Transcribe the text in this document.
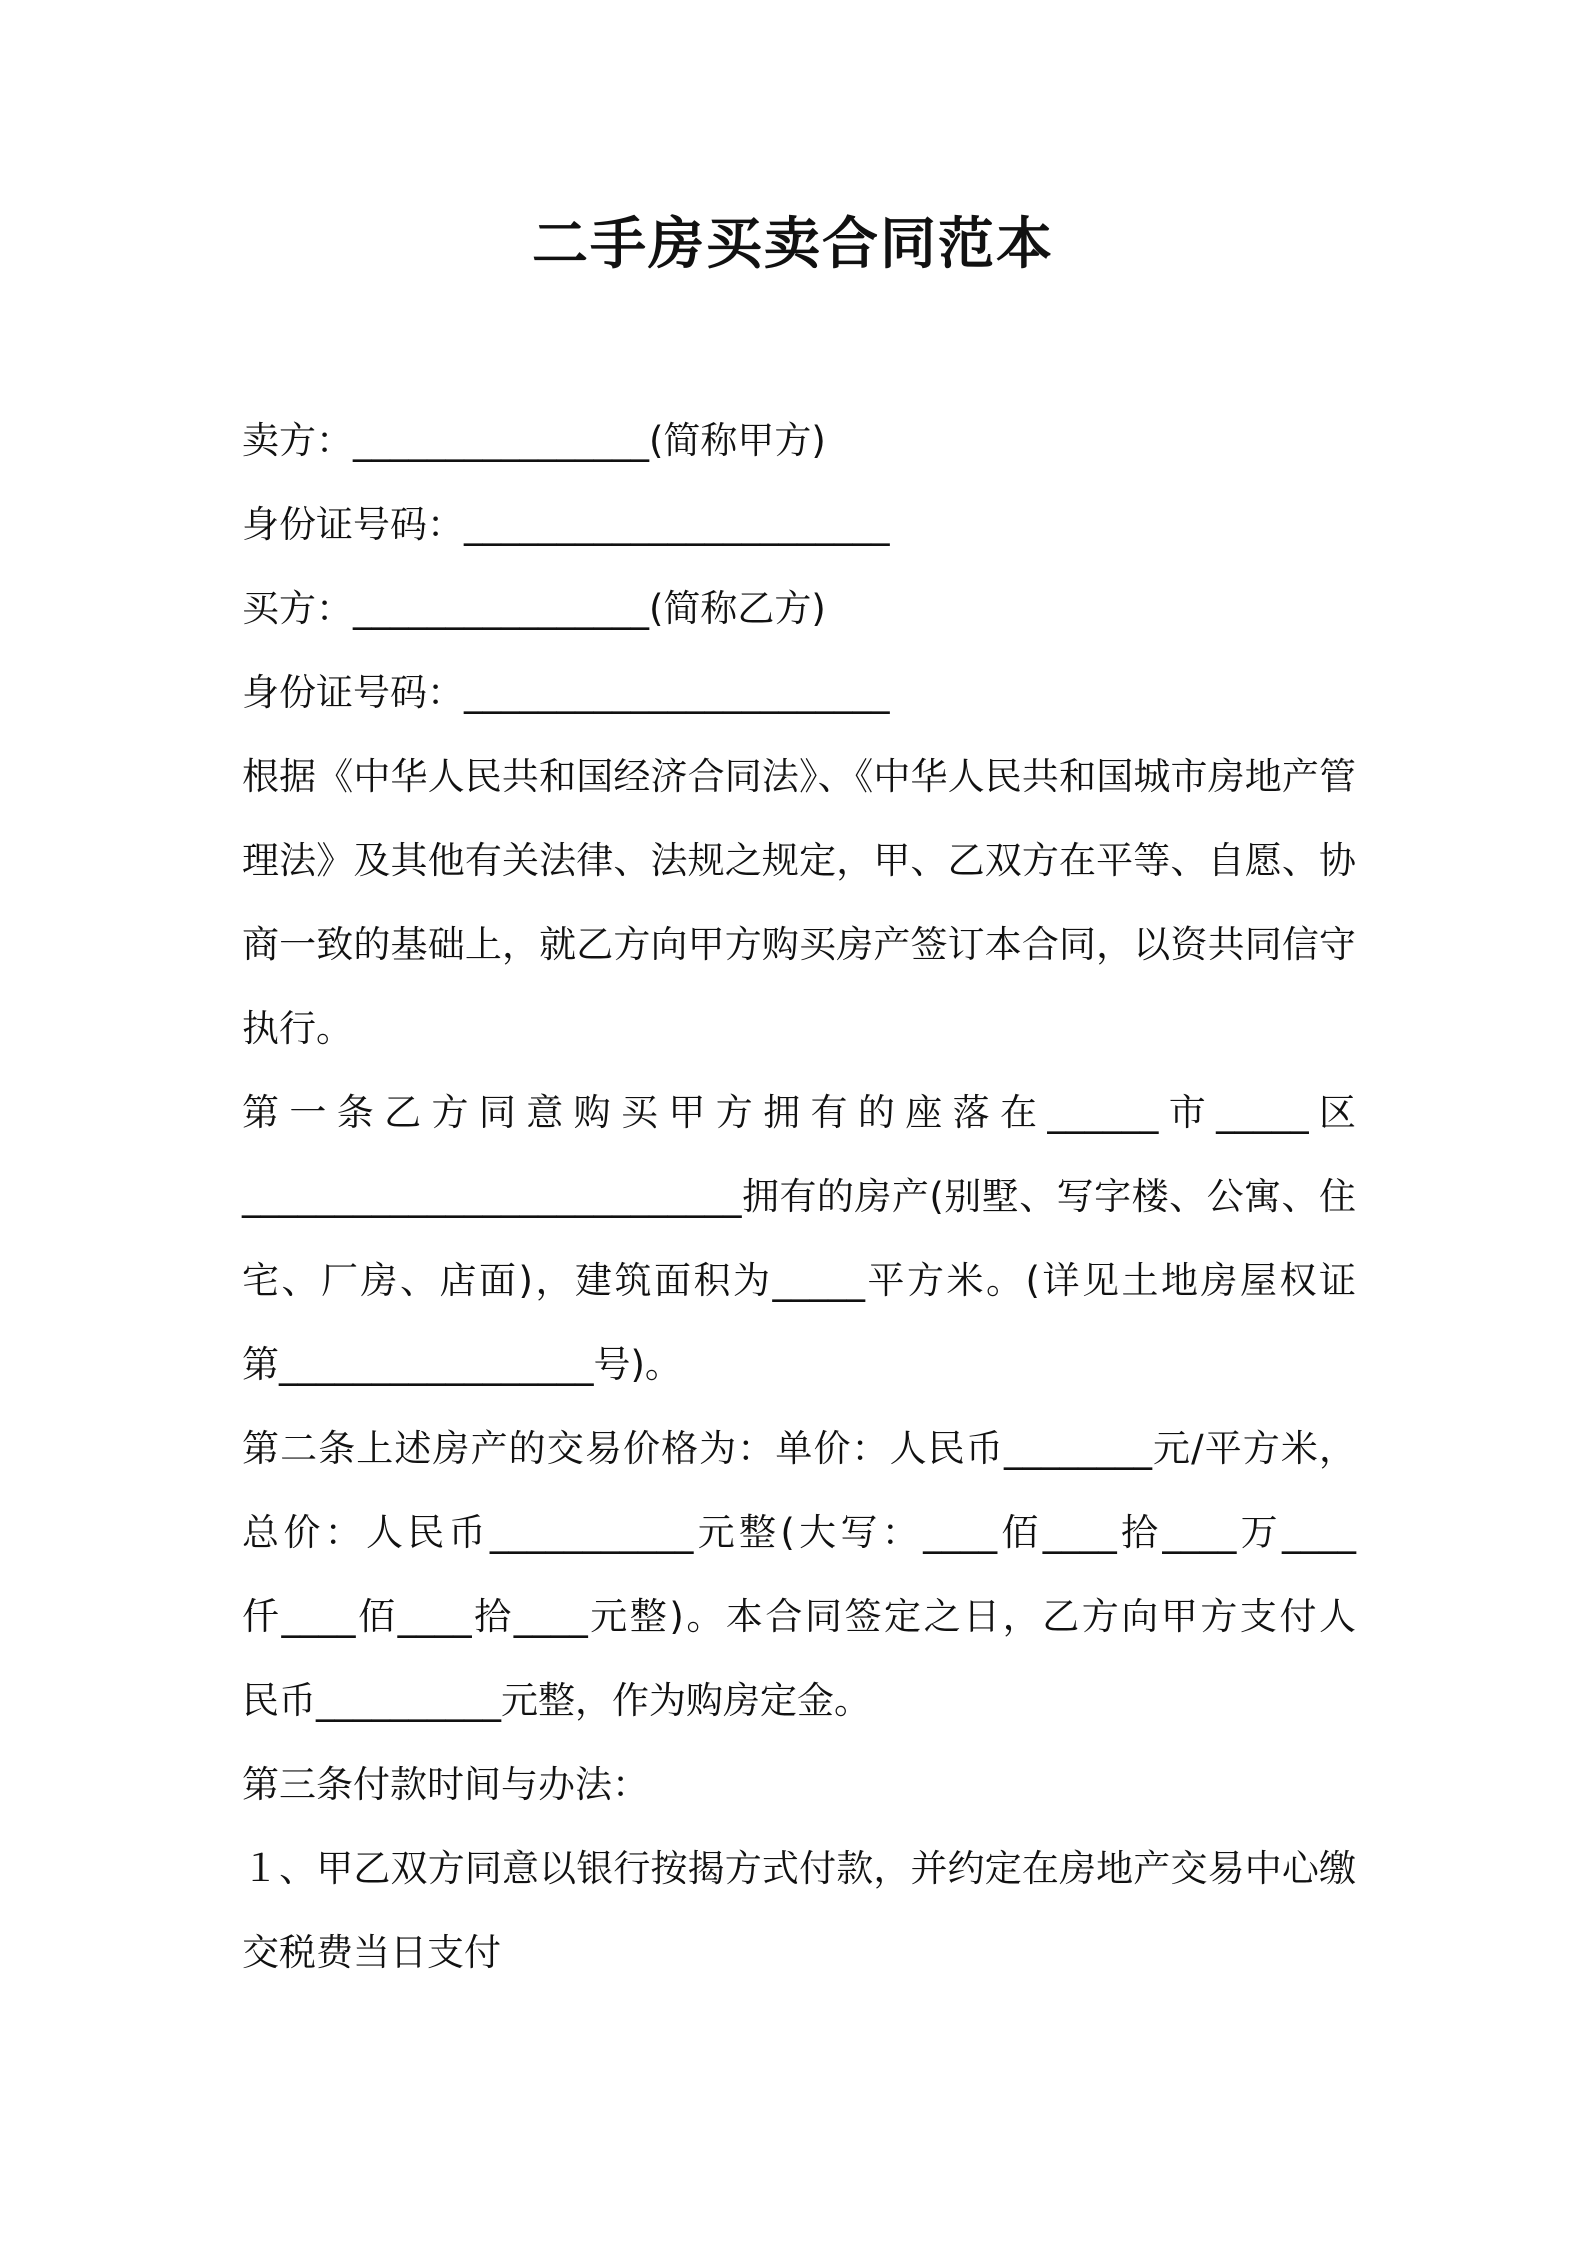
二手房买卖合同范本
卖方：________________(简称甲方)
身份证号码：_______________________
买方：________________(简称乙方)
身份证号码：_______________________
根据《中华人民共和国经济合同法》、《中华人民共和国城市房地产管
理法》及其他有关法律、法规之规定，甲、乙双方在平等、自愿、协
商一致的基础上，就乙方向甲方购买房产签订本合同，以资共同信守
执行。
第一条乙方同意购买甲方拥有的座落在______市_____区
___________________________拥有的房产(别墅、写字楼、公寓、住
宅、厂房、店面)，建筑面积为_____平方米。(详见土地房屋权证
第_________________号)。
第二条上述房产的交易价格为：单价：人民币________元/平方米，
总价：人民币___________元整(大写：____佰____拾____万____
仟____佰____拾____元整)。本合同签定之日，乙方向甲方支付人
民币__________元整，作为购房定金。
第三条付款时间与办法：
１、甲乙双方同意以银行按揭方式付款，并约定在房地产交易中心缴
交税费当日支付
